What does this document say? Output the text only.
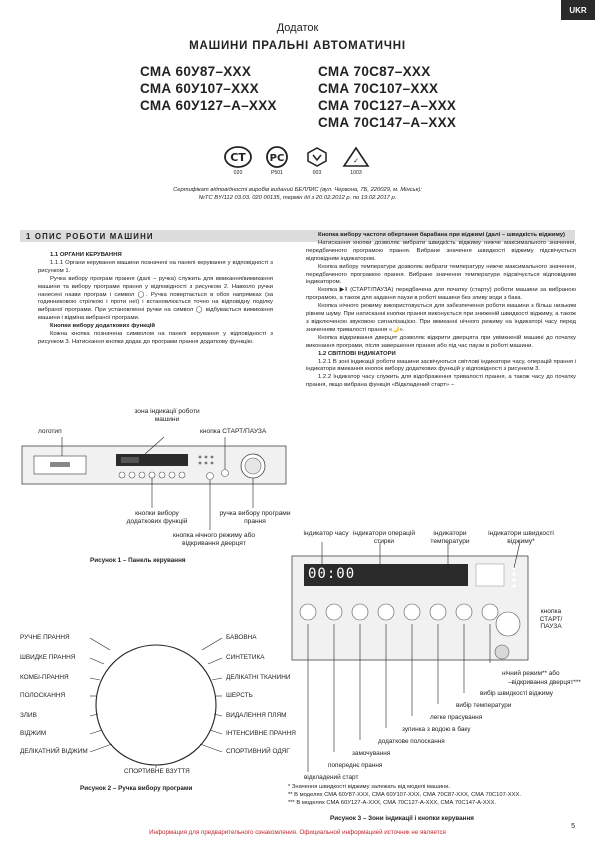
UKR
Додаток
МАШИНИ ПРАЛЬНІ АВТОМАТИЧНІ
СМА 60У87–XXX
СМА 60У107–XXX
СМА 60У127–А–XXX
СМА 70С87–XXX
СМА 70С107–XXX
СМА 70С127–А–XXX
СМА 70С147–А–XXX
СТ РС	✓
020	Р501	003	1003
Сертифікат відповідності виробів виданий БЕЛЛИС (вул. Червона, 7Б, 220029, м. Мінськ):
№TC BY/112 03.03. 020 00135, термін дії з 20.02.2012 р. по 19.02.2017 р.
1 ОПИС РОБОТИ МАШИНИ
1.1 ОРГАНИ КЕРУВАННЯ
1.1.1 Органи керування машини позначені на панелі керування у відповідності з рисунком 1.
Ручка вибору програм прання (далі – ручка) служить для вмикання/вимикання машини та вибору програми прання у відповідності з рисунком 2. Навколо ручки нанесені назви програм і символ ◯. Ручка повертається в обох напрямках (за годинниковою стрілкою і проти неї) і встановлюється точно на відповідну поділку вибраної програми. При установленні ручки на символ ◯ відбувається вимикання машини і відміна вибраної програми.
Кнопки вибору додаткових функцій
Кожна кнопка позначена символом на панелі керування у відповідності з рисунком 3. Натискання кнопки додає до програми прання додаткову функцію.
Кнопка вибору частоти обертання барабана при віджимі (далі – швидкість віджиму)
Натискання кнопки дозволяє вибрати швидкість віджиму нижче максимального значення, передбаченого програмою прання. Вибране значення швидкості віджиму підсвічується відповідним індикатором.
Кнопка вибору температури дозволяє вибрати температуру нижче максимального значення, передбаченого програмою прання. Вибране значення температури підсвічується відповідним індикатором.
Кнопка ▶‖ (СТАРТ/ПАУЗА) передбачена для початку (старту) роботи машини за вибраною програмою, а також для задання паузи в роботі машини без зливу води з бака.
Кнопка нічного режиму використовується для забезпечення роботи машини з більш низьким рівнем шуму. При натисканні кнопки прання виконується при зниженій швидкості віджиму, а також з відключеною звуковою сигналізацією. При вмиканні нічного режиму на індикаторі часу перед значенням тривалості прання «🌙».
Кнопка відкривання дверцят дозволяє відкрити дверцята при увімкненій машині до початку виконання програми, після завершення прання або під час паузи в роботі машини.
1.2 СВІТЛОВІ ІНДИКАТОРИ
1.2.1 В зоні індикації роботи машини засвічуються світлові індикатори часу, операцій прання і індикатори вмикання кнопок вибору додаткових функцій у відповідності з рисунком 3.
1.2.2 Індикатор часу служить для відображення тривалості прання, а також часу до початку прання, якщо вибрана функція «Відкладений старт» –
логотип
зона індикації роботи машини
кнопка СТАРТ/ПАУЗА
кнопки вибору додаткових функцій
ручка вибору програми прання
кнопка нічного режиму або відкривання дверцят
Рисунок 1 – Панель керування
РУЧНЕ ПРАННЯ
ШВИДКЕ ПРАННЯ
КОМБІ-ПРАННЯ
ПОЛОСКАННЯ
ЗЛИВ
ВІДЖИМ
ДЕЛІКАТНИЙ ВІДЖИМ
СПОРТИВНЕ ВЗУТТЯ
БАВОВНА
СИНТЕТИКА
ДЕЛІКАТНІ ТКАНИНИ
ШЕРСТЬ
ВИДАЛЕННЯ ПЛЯМ
ІНТЕНСИВНЕ ПРАННЯ
СПОРТИВНИЙ ОДЯГ
Рисунок 2 – Ручка вибору програми
00:00
індикатор часу індикатори операцій стирки
індикатори температури
індикатори швидкості віджиму*
кнопка СТАРТ/ ПАУЗА
нічний режим** або
–відкривання дверцят***
вибір швидкості віджиму
вибір температури
легке прасування
зупинка з водою в баку
додаткове полоскання
замочування
попереднє прання
відкладений старт
* Значення швидкості віджиму залежать від моделі машини.
** В моделях СМА 60У87-XXX, СМА 60У107-XXX, СМА 70С87-XXX, СМА 70С107-XXX.
*** В моделях СМА 60У127-А-XXX, СМА 70С127-А-XXX, СМА 70С147-А-XXX.
Рисунок 3 – Зони індикації і кнопки керування
Информация для предварительного ознакомления. Официальной информацией источник не является
5
